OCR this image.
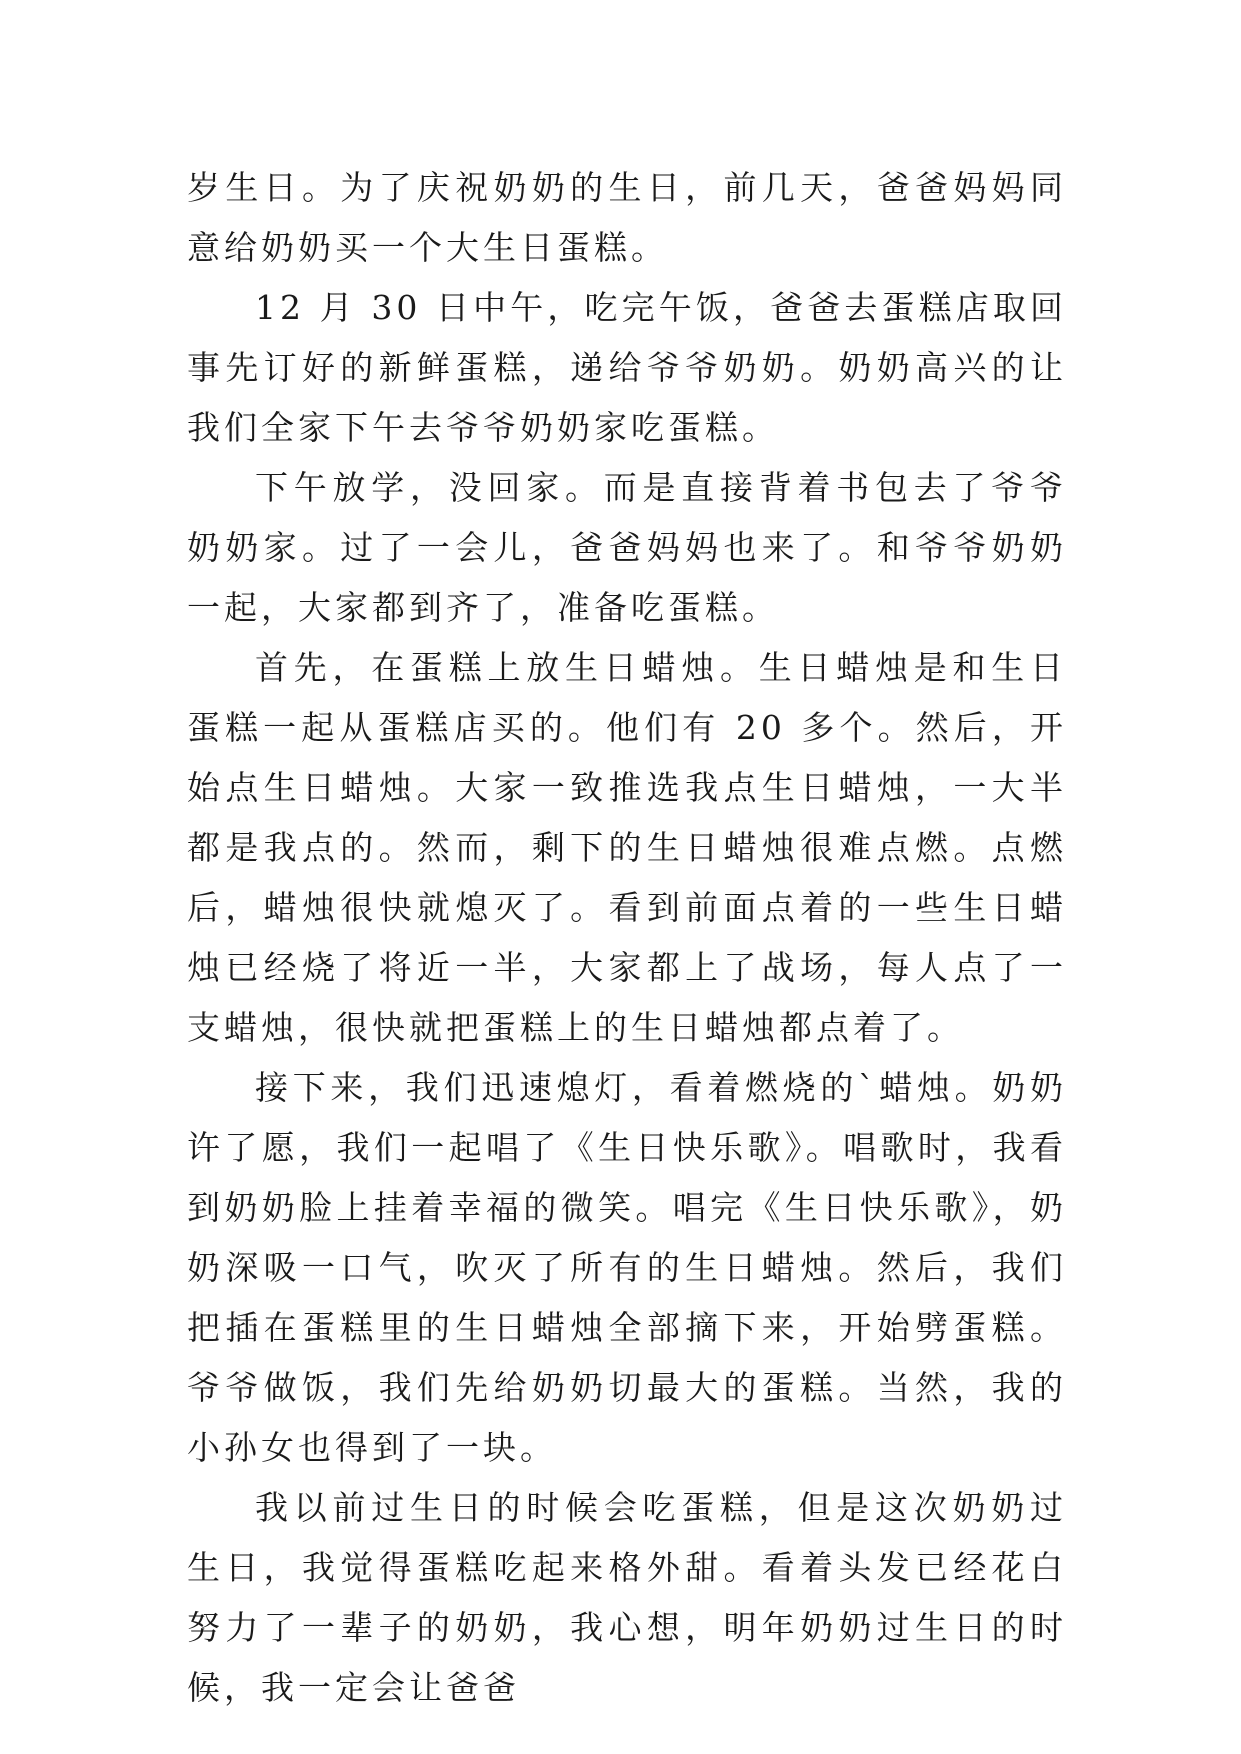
岁生日。为了庆祝奶奶的生日，前几天，爸爸妈妈同意给奶奶买一个大生日蛋糕。

12 月 30 日中午，吃完午饭，爸爸去蛋糕店取回事先订好的新鲜蛋糕，递给爷爷奶奶。奶奶高兴的让我们全家下午去爷爷奶奶家吃蛋糕。

下午放学，没回家。而是直接背着书包去了爷爷奶奶家。过了一会儿，爸爸妈妈也来了。和爷爷奶奶一起，大家都到齐了，准备吃蛋糕。

首先，在蛋糕上放生日蜡烛。生日蜡烛是和生日蛋糕一起从蛋糕店买的。他们有 20 多个。然后，开始点生日蜡烛。大家一致推选我点生日蜡烛，一大半都是我点的。然而，剩下的生日蜡烛很难点燃。点燃后，蜡烛很快就熄灭了。看到前面点着的一些生日蜡烛已经烧了将近一半，大家都上了战场，每人点了一支蜡烛，很快就把蛋糕上的生日蜡烛都点着了。

接下来，我们迅速熄灯，看着燃烧的`蜡烛。奶奶许了愿，我们一起唱了《生日快乐歌》。唱歌时，我看到奶奶脸上挂着幸福的微笑。唱完《生日快乐歌》，奶奶深吸一口气，吹灭了所有的生日蜡烛。然后，我们把插在蛋糕里的生日蜡烛全部摘下来，开始劈蛋糕。爷爷做饭，我们先给奶奶切最大的蛋糕。当然，我的小孙女也得到了一块。

我以前过生日的时候会吃蛋糕，但是这次奶奶过生日，我觉得蛋糕吃起来格外甜。看着头发已经花白努力了一辈子的奶奶，我心想，明年奶奶过生日的时候，我一定会让爸爸
